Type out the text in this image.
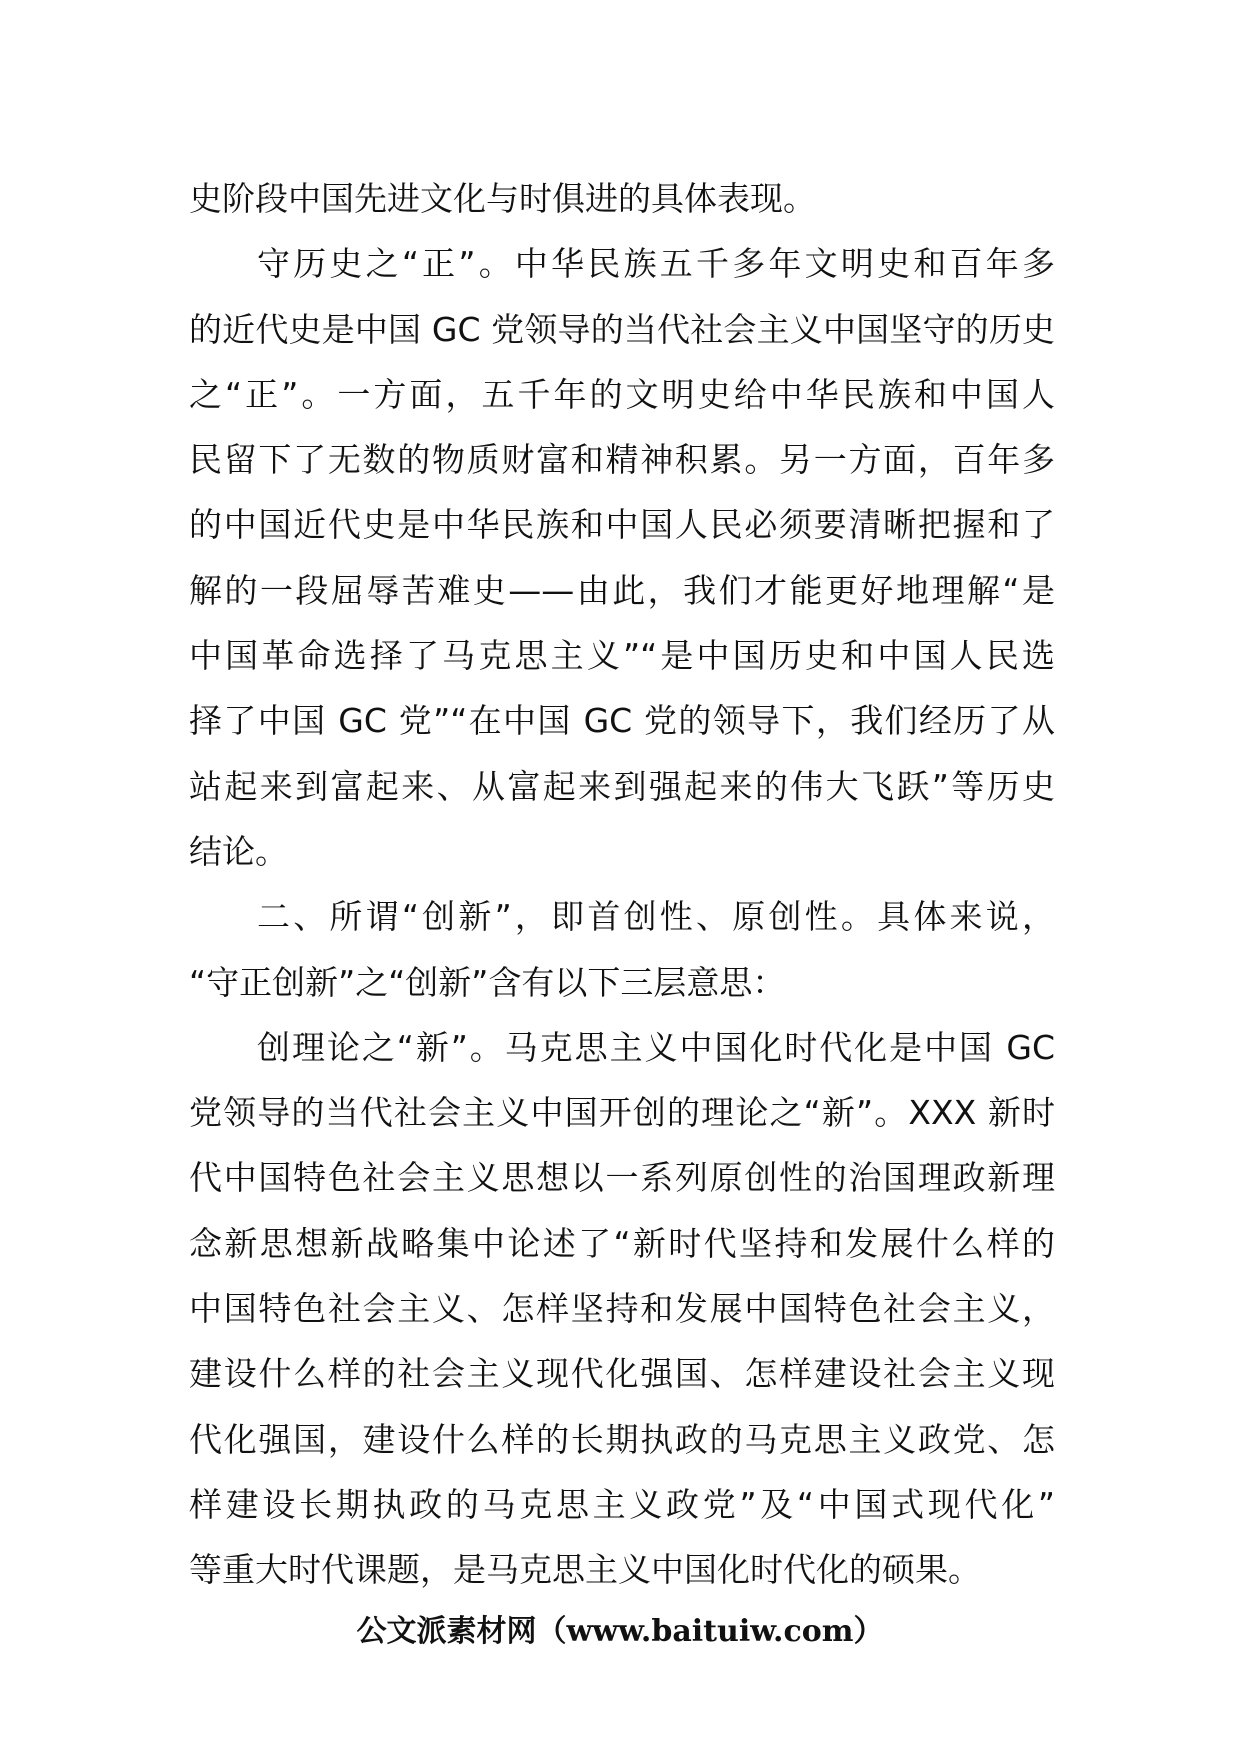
史阶段中国先进文化与时俱进的具体表现。
守历史之“正”。中华民族五千多年文明史和百年多
的近代史是中国 GC 党领导的当代社会主义中国坚守的历史
之“正”。一方面，五千年的文明史给中华民族和中国人
民留下了无数的物质财富和精神积累。另一方面，百年多
的中国近代史是中华民族和中国人民必须要清晰把握和了
解的一段屈辱苦难史——由此，我们才能更好地理解“是
中国革命选择了马克思主义”“是中国历史和中国人民选
择了中国 GC 党”“在中国 GC 党的领导下，我们经历了从
站起来到富起来、从富起来到强起来的伟大飞跃”等历史
结论。
二、所谓“创新”，即首创性、原创性。具体来说，
“守正创新”之“创新”含有以下三层意思：
创理论之“新”。马克思主义中国化时代化是中国 GC
党领导的当代社会主义中国开创的理论之“新”。XXX 新时
代中国特色社会主义思想以一系列原创性的治国理政新理
念新思想新战略集中论述了“新时代坚持和发展什么样的
中国特色社会主义、怎样坚持和发展中国特色社会主义，
建设什么样的社会主义现代化强国、怎样建设社会主义现
代化强国，建设什么样的长期执政的马克思主义政党、怎
样建设长期执政的马克思主义政党”及“中国式现代化”
等重大时代课题，是马克思主义中国化时代化的硕果。
公文派素材网（www.baituiw.com）
